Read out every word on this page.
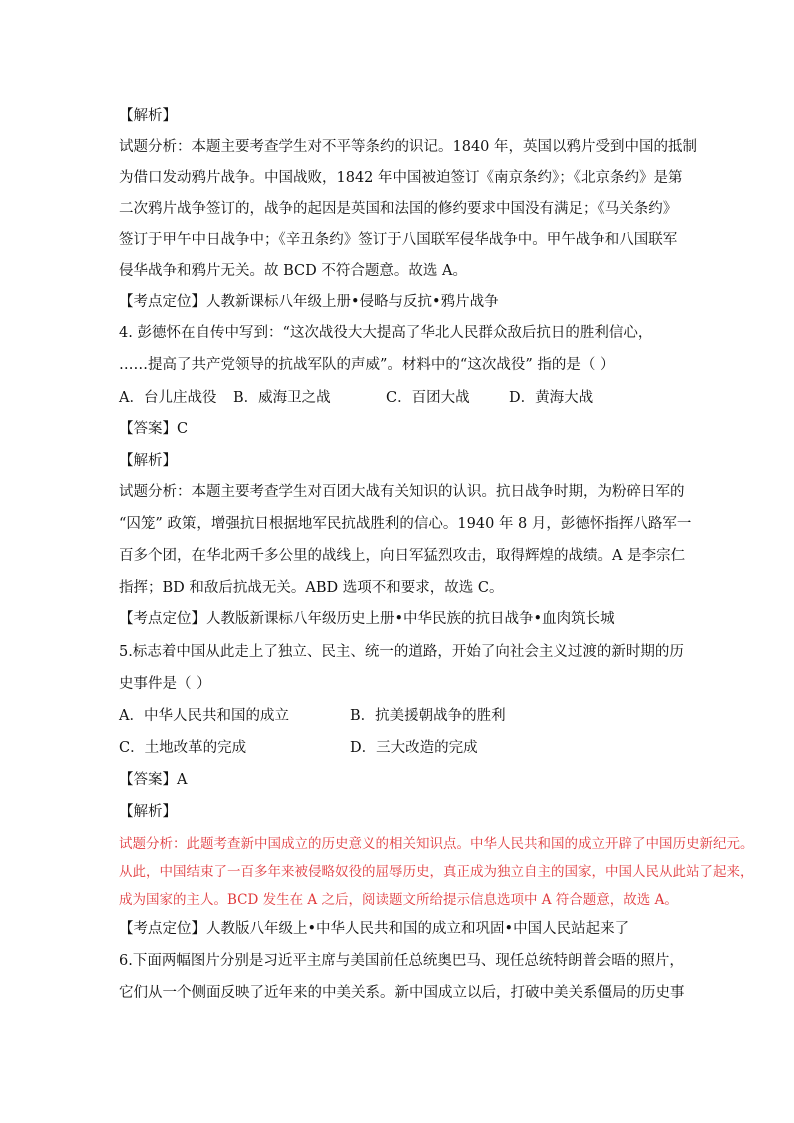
【解析】
试题分析：本题主要考查学生对不平等条约的识记。1840 年，英国以鸦片受到中国的抵制
为借口发动鸦片战争。中国战败，1842 年中国被迫签订《南京条约》；《北京条约》是第
二次鸦片战争签订的，战争的起因是英国和法国的修约要求中国没有满足；《马关条约》
签订于甲午中日战争中；《辛丑条约》签订于八国联军侵华战争中。甲午战争和八国联军
侵华战争和鸦片无关。故 BCD 不符合题意。故选 A。
【考点定位】人教新课标八年级上册•侵略与反抗•鸦片战争
4. 彭德怀在自传中写到：“这次战役大大提高了华北人民群众敌后抗日的胜利信心，
……提高了共产党领导的抗战军队的声威”。材料中的“这次战役” 指的是（ ）
A．台儿庄战役 B．威海卫之战	C．百团大战	D．黄海大战
【答案】C
【解析】
试题分析：本题主要考查学生对百团大战有关知识的认识。抗日战争时期，为粉碎日军的
“囚笼” 政策，增强抗日根据地军民抗战胜利的信心。1940 年 8 月，彭德怀指挥八路军一
百多个团，在华北两千多公里的战线上，向日军猛烈攻击，取得辉煌的战绩。A 是李宗仁
指挥；BD 和敌后抗战无关。ABD 选项不和要求，故选 C。
【考点定位】人教版新课标八年级历史上册•中华民族的抗日战争•血肉筑长城
5.标志着中国从此走上了独立、民主、统一的道路，开始了向社会主义过渡的新时期的历
史事件是（ ）
A．中华人民共和国的成立	B．抗美援朝战争的胜利
C．土地改革的完成	D．三大改造的完成
【答案】A
【解析】
试题分析：此题考查新中国成立的历史意义的相关知识点。中华人民共和国的成立开辟了中国历史新纪元。
从此，中国结束了一百多年来被侵略奴役的屈辱历史，真正成为独立自主的国家，中国人民从此站了起来，
成为国家的主人。BCD 发生在 A 之后，阅读题文所给提示信息选项中 A 符合题意，故选 A。
【考点定位】人教版八年级上•中华人民共和国的成立和巩固•中国人民站起来了
6.下面两幅图片分别是习近平主席与美国前任总统奥巴马、现任总统特朗普会晤的照片，
它们从一个侧面反映了近年来的中美关系。新中国成立以后，打破中美关系僵局的历史事
